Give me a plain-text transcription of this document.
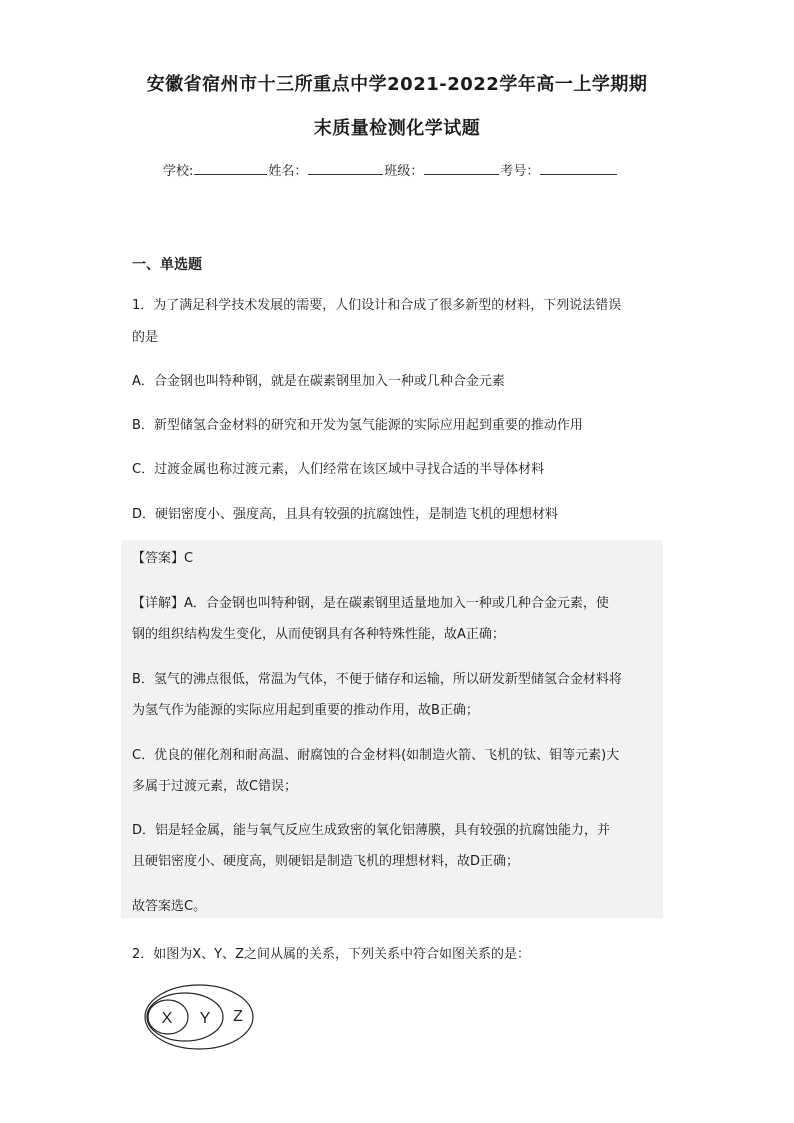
安徽省宿州市十三所重点中学2021-2022学年高一上学期期
末质量检测化学试题
学校:	姓名：	班级：	考号：
一、单选题
1．为了满足科学技术发展的需要，人们设计和合成了很多新型的材料，下列说法错误
的是
A．合金钢也叫特种钢，就是在碳素钢里加入一种或几种合金元素
B．新型储氢合金材料的研究和开发为氢气能源的实际应用起到重要的推动作用
C．过渡金属也称过渡元素，人们经常在该区域中寻找合适的半导体材料
D．硬铝密度小、强度高，且具有较强的抗腐蚀性，是制造飞机的理想材料
【答案】C
【详解】A．合金钢也叫特种钢，是在碳素钢里适量地加入一种或几种合金元素，使
钢的组织结构发生变化，从而使钢具有各种特殊性能，故A正确；
B．氢气的沸点很低，常温为气体，不便于储存和运输，所以研发新型储氢合金材料将
为氢气作为能源的实际应用起到重要的推动作用，故B正确；
C．优良的催化剂和耐高温、耐腐蚀的合金材料(如制造火箭、飞机的钛、钼等元素)大
多属于过渡元素，故C错误；
D．铝是轻金属，能与氧气反应生成致密的氧化铝薄膜，具有较强的抗腐蚀能力，并
且硬铝密度小、硬度高，则硬铝是制造飞机的理想材料，故D正确；
故答案选C。
2．如图为X、Y、Z之间从属的关系，下列关系中符合如图关系的是：
X Y Z
